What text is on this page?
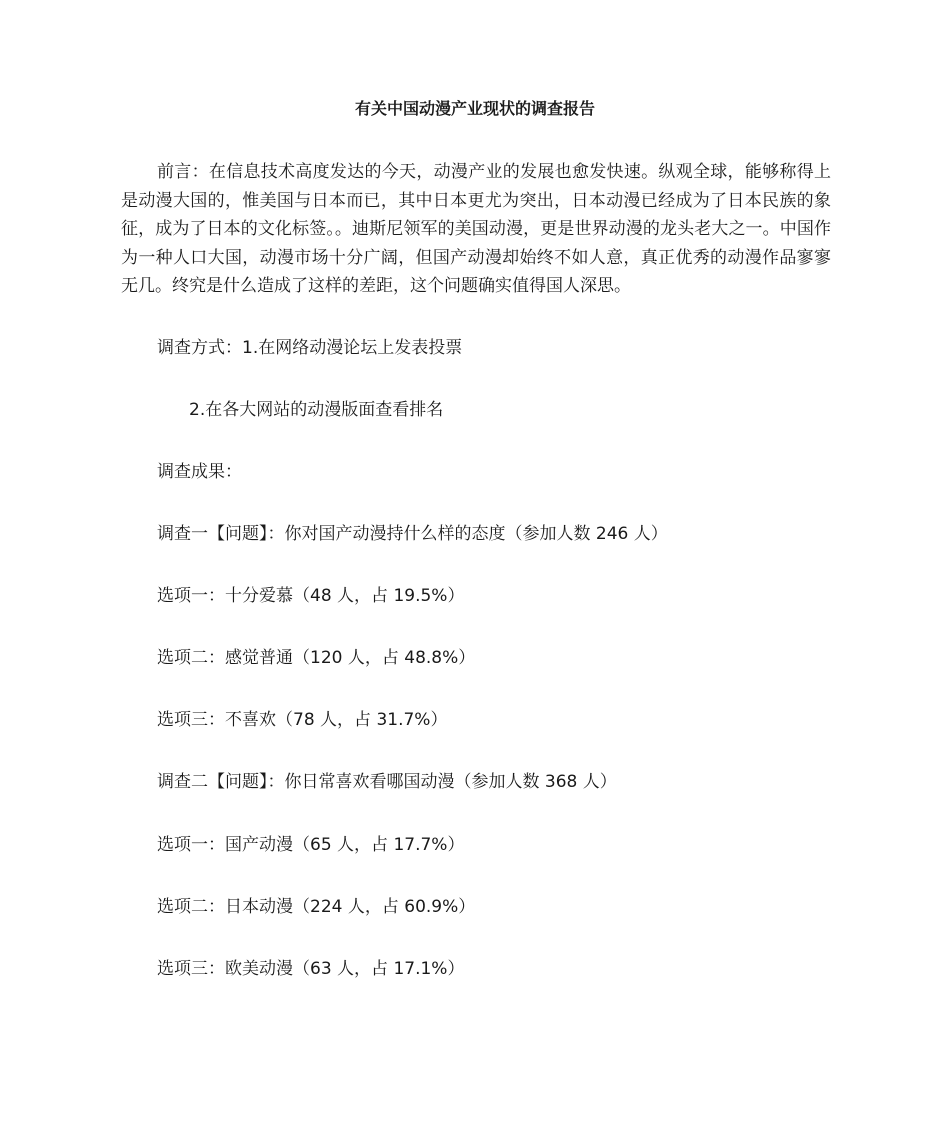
有关中国动漫产业现状的调查报告

前言：在信息技术高度发达的今天，动漫产业的发展也愈发快速。纵观全球，能够称得上是动漫大国的，惟美国与日本而已，其中日本更尤为突出，日本动漫已经成为了日本民族的象征，成为了日本的文化标签。。迪斯尼领军的美国动漫，更是世界动漫的龙头老大之一。中国作为一种人口大国，动漫市场十分广阔，但国产动漫却始终不如人意，真正优秀的动漫作品寥寥无几。终究是什么造成了这样的差距，这个问题确实值得国人深思。

调查方式：1.在网络动漫论坛上发表投票

2.在各大网站的动漫版面查看排名

调查成果：

调查一【问题】：你对国产动漫持什么样的态度（参加人数 246 人）

选项一：十分爱慕（48 人，占 19.5%）

选项二：感觉普通（120 人，占 48.8%）

选项三：不喜欢（78 人，占 31.7%）

调查二【问题】：你日常喜欢看哪国动漫（参加人数 368 人）

选项一：国产动漫（65 人，占 17.7%）

选项二：日本动漫（224 人，占 60.9%）

选项三：欧美动漫（63 人，占 17.1%）
